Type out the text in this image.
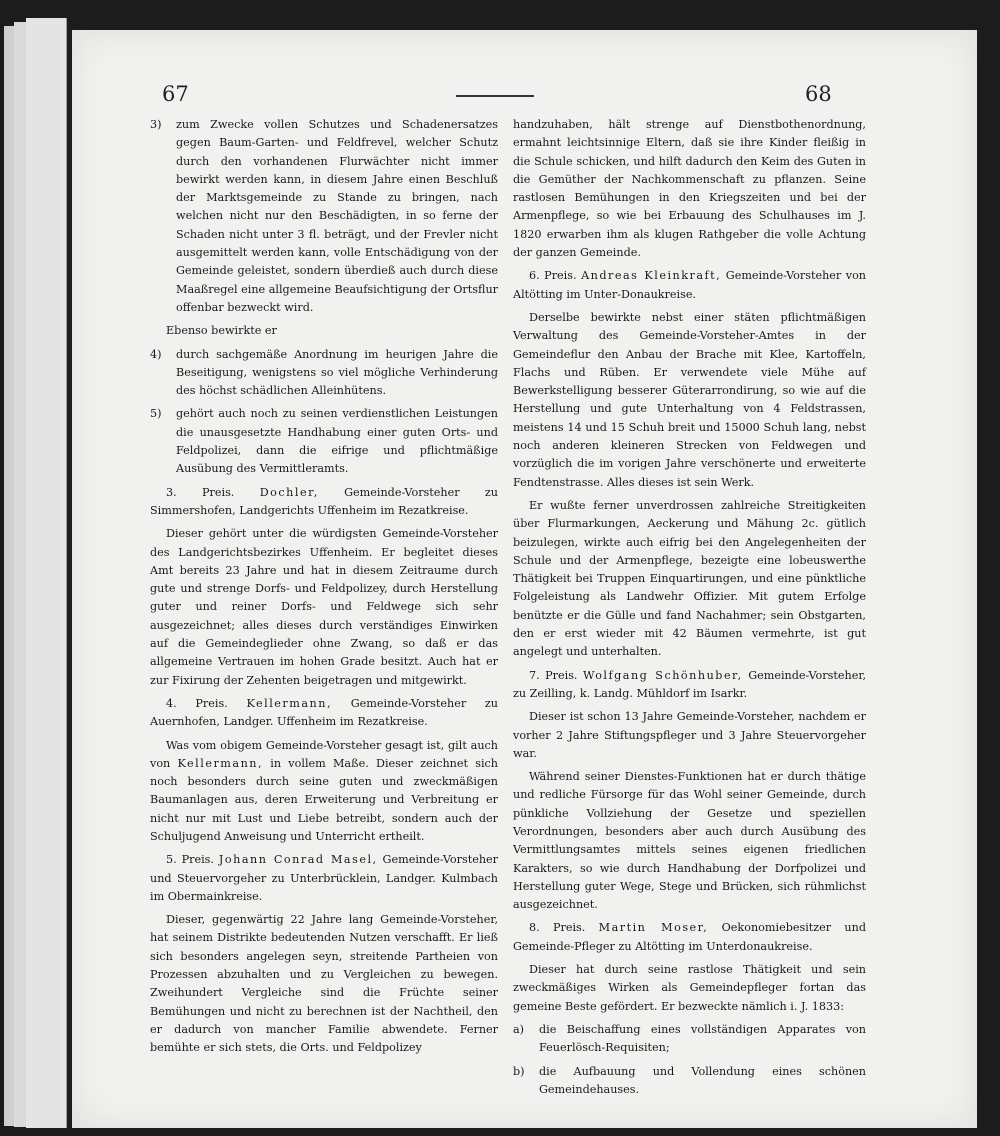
67	68
3)	zum Zwecke vollen Schutzes und Schadenersatzes gegen Baum-Garten- und Feldfrevel, welcher Schutz durch den vorhandenen Flurwächter nicht immer bewirkt werden kann, in diesem Jahre einen Beschluß der Marktsgemeinde zu Stande zu bringen, nach welchen nicht nur den Beschädigten, in so ferne der Schaden nicht unter 3 fl. beträgt, und der Frevler nicht ausgemittelt werden kann, volle Entschädigung von der Gemeinde geleistet, sondern überdieß auch durch diese Maaßregel eine allgemeine Beaufsichtigung der Ortsflur offenbar bezweckt wird.

Ebenso bewirkte er

4)	durch sachgemäße Anordnung im heurigen Jahre die Beseitigung, wenigstens so viel mögliche Verhinderung des höchst schädlichen Alleinhütens.
5)	gehört auch noch zu seinen verdienstlichen Leistungen die unausgesetzte Handhabung einer guten Orts- und Feldpolizei, dann die eifrige und pflichtmäßige Ausübung des Vermittleramts.
3. Preis. Dochler, Gemeinde-Vorsteher zu Simmershofen, Landgerichts Uffenheim im Rezatkreise.

Dieser gehört unter die würdigsten Gemeinde-Vorsteher des Landgerichtsbezirkes Uffenheim. Er begleitet dieses Amt bereits 23 Jahre und hat in diesem Zeitraume durch gute und strenge Dorfs- und Feldpolizey, durch Herstellung guter und reiner Dorfs- und Feldwege sich sehr ausgezeichnet; alles dieses durch verständiges Einwirken auf die Gemeindeglieder ohne Zwang, so daß er das allgemeine Vertrauen im hohen Grade besitzt. Auch hat er zur Fixirung der Zehenten beigetragen und mitgewirkt.

4. Preis. Kellermann, Gemeinde-Vorsteher zu Auernhofen, Landger. Uffenheim im Rezatkreise.

Was vom obigem Gemeinde-Vorsteher gesagt ist, gilt auch von Kellermann, in vollem Maße. Dieser zeichnet sich noch besonders durch seine guten und zweckmäßigen Baumanlagen aus, deren Erweiterung und Verbreitung er nicht nur mit Lust und Liebe betreibt, sondern auch der Schuljugend Anweisung und Unterricht ertheilt.

5. Preis. Johann Conrad Masel, Gemeinde-Vorsteher und Steuervorgeher zu Unterbrücklein, Landger. Kulmbach im Obermainkreise.

Dieser, gegenwärtig 22 Jahre lang Gemeinde-Vorsteher, hat seinem Distrikte bedeutenden Nutzen verschafft. Er ließ sich besonders angelegen seyn, streitende Partheien von Prozessen abzuhalten und zu Vergleichen zu bewegen. Zweihundert Vergleiche sind die Früchte seiner Bemühungen und nicht zu berechnen ist der Nachtheil, den er dadurch von mancher Familie abwendete. Ferner bemühte er sich stets, die Orts. und Feldpolizey

handzuhaben, hält strenge auf Dienstbothenordnung, ermahnt leichtsinnige Eltern, daß sie ihre Kinder fleißig in die Schule schicken, und hilft dadurch den Keim des Guten in die Gemüther der Nachkommenschaft zu pflanzen. Seine rastlosen Bemühungen in den Kriegszeiten und bei der Armenpflege, so wie bei Erbauung des Schulhauses im J. 1820 erwarben ihm als klugen Rathgeber die volle Achtung der ganzen Gemeinde.

6. Preis. Andreas Kleinkraft, Gemeinde-Vorsteher von Altötting im Unter-Donaukreise.

Derselbe bewirkte nebst einer stäten pflichtmäßigen Verwaltung des Gemeinde-Vorsteher-Amtes in der Gemeindeflur den Anbau der Brache mit Klee, Kartoffeln, Flachs und Rüben. Er verwendete viele Mühe auf Bewerkstelligung besserer Güterarrondirung, so wie auf die Herstellung und gute Unterhaltung von 4 Feldstrassen, meistens 14 und 15 Schuh breit und 15000 Schuh lang, nebst noch anderen kleineren Strecken von Feldwegen und vorzüglich die im vorigen Jahre verschönerte und erweiterte Fendtenstrasse. Alles dieses ist sein Werk.

Er wußte ferner unverdrossen zahlreiche Streitigkeiten über Flurmarkungen, Aeckerung und Mähung 2c. gütlich beizulegen, wirkte auch eifrig bei den Angelegenheiten der Schule und der Armenpflege, bezeigte eine lobeuswerthe Thätigkeit bei Truppen Einquartirungen, und eine pünktliche Folgeleistung als Landwehr Offizier. Mit gutem Erfolge benützte er die Gülle und fand Nachahmer; sein Obstgarten, den er erst wieder mit 42 Bäumen vermehrte, ist gut angelegt und unterhalten.

7. Preis. Wolfgang Schönhuber, Gemeinde-Vorsteher, zu Zeilling, k. Landg. Mühldorf im Isarkr.

Dieser ist schon 13 Jahre Gemeinde-Vorsteher, nachdem er vorher 2 Jahre Stiftungspfleger und 3 Jahre Steuervorgeher war.

Während seiner Dienstes-Funktionen hat er durch thätige und redliche Fürsorge für das Wohl seiner Gemeinde, durch pünkliche Vollziehung der Gesetze und speziellen Verordnungen, besonders aber auch durch Ausübung des Vermittlungsamtes mittels seines eigenen friedlichen Karakters, so wie durch Handhabung der Dorfpolizei und Herstellung guter Wege, Stege und Brücken, sich rühmlichst ausgezeichnet.

8. Preis. Martin Moser, Oekonomiebesitzer und Gemeinde-Pfleger zu Altötting im Unterdonaukreise.

Dieser hat durch seine rastlose Thätigkeit und sein zweckmäßiges Wirken als Gemeindepfleger fortan das gemeine Beste gefördert. Er bezweckte nämlich i. J. 1833:

a)	die Beischaffung eines vollständigen Apparates von Feuerlösch-Requisiten;
b)	die Aufbauung und Vollendung eines schönen Gemeindehauses.
